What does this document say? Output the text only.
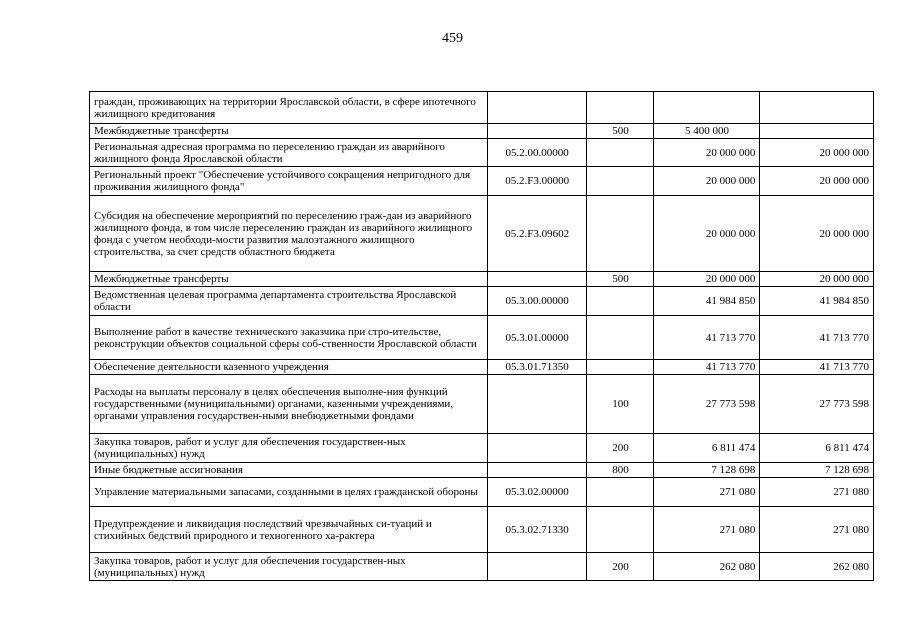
459
граждан, проживающих на территории Ярославской области, в сфере ипотечного жилищного кредитования				
Межбюджетные трансферты		500	5 400 000	
Региональная адресная программа по переселению граждан из аварийного жилищного фонда Ярославской области	05.2.00.00000		20 000 000	20 000 000
Региональный проект "Обеспечение устойчивого сокращения непригодного для проживания жилищного фонда"	05.2.F3.00000		20 000 000	20 000 000
Субсидия на обеспечение мероприятий по переселению граж-дан из аварийного жилищного фонда, в том числе переселению граждан из аварийного жилищного фонда с учетом необходи-мости развития малоэтажного жилищного строительства, за счет средств областного бюджета	05.2.F3.09602		20 000 000	20 000 000
Межбюджетные трансферты		500	20 000 000	20 000 000
Ведомственная целевая программа департамента строительства Ярославской области	05.3.00.00000		41 984 850	41 984 850
Выполнение работ в качестве технического заказчика при стро-ительстве, реконструкции объектов социальной сферы соб-ственности Ярославской области	05.3.01.00000		41 713 770	41 713 770
Обеспечение деятельности казенного учреждения	05.3.01.71350		41 713 770	41 713 770
Расходы на выплаты персоналу в целях обеспечения выполне-ния функций государственными (муниципальными) органами, казенными учреждениями, органами управления государствен-ными внебюджетными фондами		100	27 773 598	27 773 598
Закупка товаров, работ и услуг для обеспечения государствен-ных (муниципальных) нужд		200	6 811 474	6 811 474
Иные бюджетные ассигнования		800	7 128 698	7 128 698
Управление материальными запасами, созданными в целях гражданской обороны	05.3.02.00000		271 080	271 080
Предупреждение и ликвидация последствий чрезвычайных си-туаций и стихийных бедствий природного и техногенного ха-рактера	05.3.02.71330		271 080	271 080
Закупка товаров, работ и услуг для обеспечения государствен-ных (муниципальных) нужд		200	262 080	262 080
